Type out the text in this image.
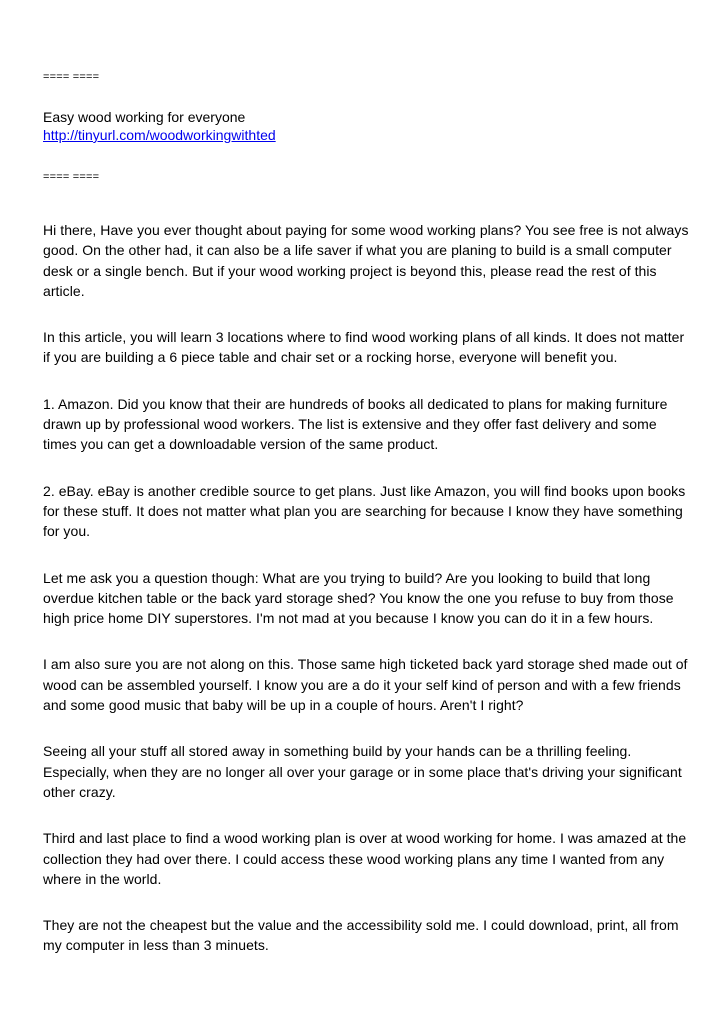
==== ====
Easy wood working for everyone
http://tinyurl.com/woodworkingwithted
==== ====

Hi there, Have you ever thought about paying for some wood working plans? You see free is not always good. On the other had, it can also be a life saver if what you are planing to build is a small computer desk or a single bench. But if your wood working project is beyond this, please read the rest of this article.

In this article, you will learn 3 locations where to find wood working plans of all kinds. It does not matter if you are building a 6 piece table and chair set or a rocking horse, everyone will benefit you.

1. Amazon. Did you know that their are hundreds of books all dedicated to plans for making furniture drawn up by professional wood workers. The list is extensive and they offer fast delivery and some times you can get a downloadable version of the same product.

2. eBay. eBay is another credible source to get plans. Just like Amazon, you will find books upon books for these stuff. It does not matter what plan you are searching for because I know they have something for you.

Let me ask you a question though: What are you trying to build? Are you looking to build that long overdue kitchen table or the back yard storage shed? You know the one you refuse to buy from those high price home DIY superstores. I'm not mad at you because I know you can do it in a few hours.

I am also sure you are not along on this. Those same high ticketed back yard storage shed made out of wood can be assembled yourself. I know you are a do it your self kind of person and with a few friends and some good music that baby will be up in a couple of hours. Aren't I right?

Seeing all your stuff all stored away in something build by your hands can be a thrilling feeling. Especially, when they are no longer all over your garage or in some place that's driving your significant other crazy.

Third and last place to find a wood working plan is over at wood working for home. I was amazed at the collection they had over there. I could access these wood working plans any time I wanted from any where in the world.

They are not the cheapest but the value and the accessibility sold me. I could download, print, all from my computer in less than 3 minuets.
